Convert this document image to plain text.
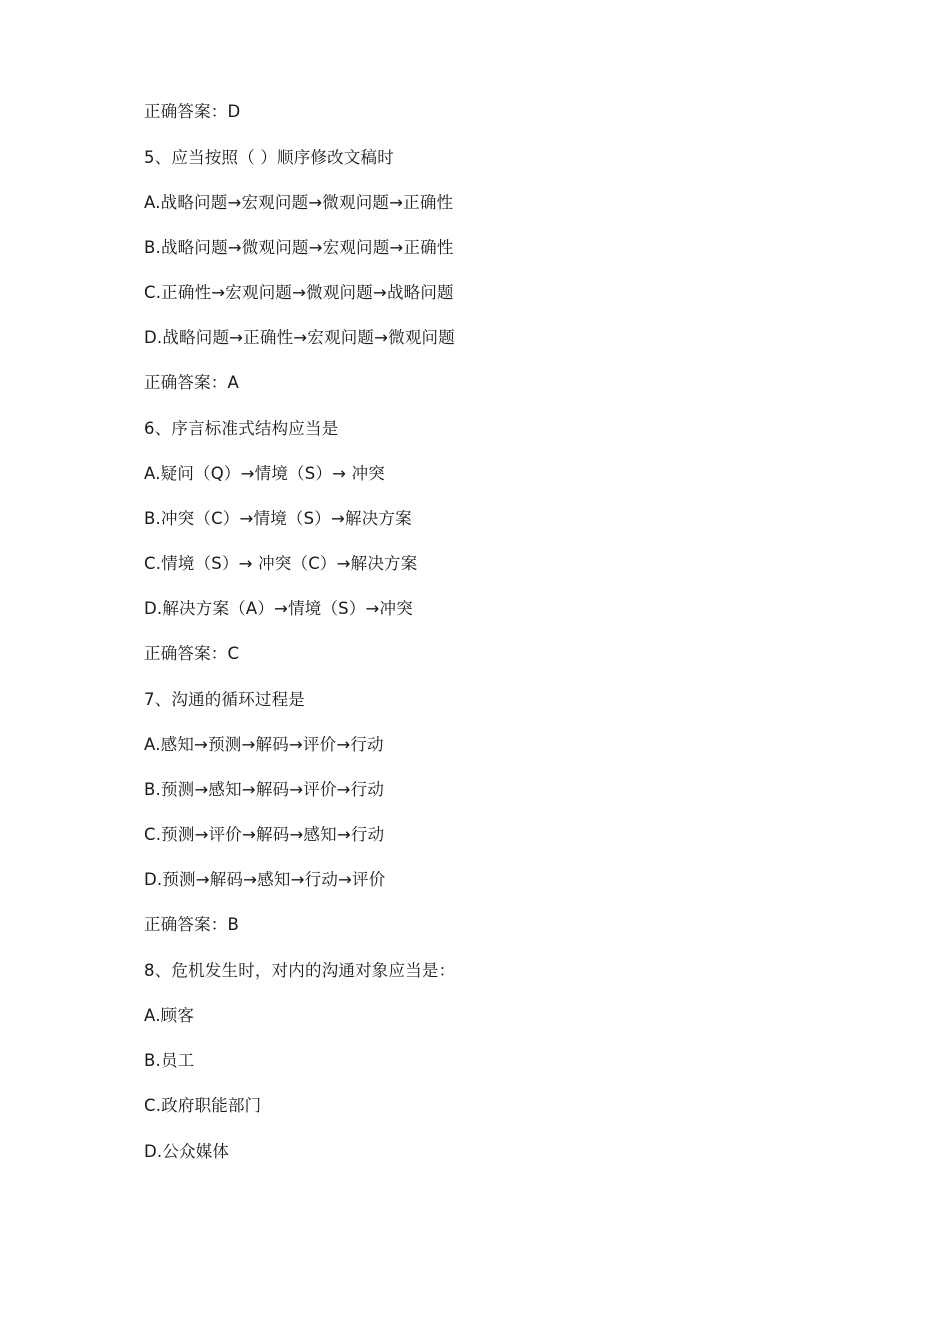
正确答案：D
5、应当按照（ ）顺序修改文稿时
A.战略问题→宏观问题→微观问题→正确性
B.战略问题→微观问题→宏观问题→正确性
C.正确性→宏观问题→微观问题→战略问题
D.战略问题→正确性→宏观问题→微观问题
正确答案：A
6、序言标准式结构应当是
A.疑问（Q）→情境（S）→ 冲突
B.冲突（C）→情境（S）→解决方案
C.情境（S）→ 冲突（C）→解决方案
D.解决方案（A）→情境（S）→冲突
正确答案：C
7、沟通的循环过程是
A.感知→预测→解码→评价→行动
B.预测→感知→解码→评价→行动
C.预测→评价→解码→感知→行动
D.预测→解码→感知→行动→评价
正确答案：B
8、危机发生时，对内的沟通对象应当是：
A.顾客
B.员工
C.政府职能部门
D.公众媒体
